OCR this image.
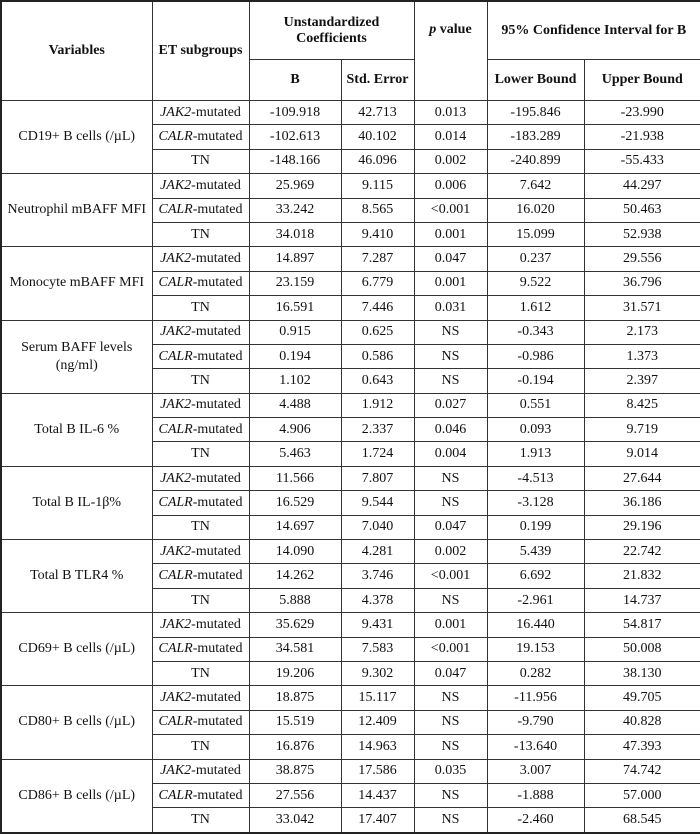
Variables	ET subgroups	Unstandardized Coefficients		p value	95% Confidence Interval for B	
		B	Std. Error		Lower Bound	Upper Bound
CD19+ B cells (/µL)	JAK2-mutated	-109.918	42.713	0.013	-195.846	-23.990
	CALR-mutated	-102.613	40.102	0.014	-183.289	-21.938
	TN	-148.166	46.096	0.002	-240.899	-55.433
Neutrophil mBAFF MFI	JAK2-mutated	25.969	9.115	0.006	7.642	44.297
	CALR-mutated	33.242	8.565	<0.001	16.020	50.463
	TN	34.018	9.410	0.001	15.099	52.938
Monocyte mBAFF MFI	JAK2-mutated	14.897	7.287	0.047	0.237	29.556
	CALR-mutated	23.159	6.779	0.001	9.522	36.796
	TN	16.591	7.446	0.031	1.612	31.571
Serum BAFF levels (ng/ml)	JAK2-mutated	0.915	0.625	NS	-0.343	2.173
	CALR-mutated	0.194	0.586	NS	-0.986	1.373
	TN	1.102	0.643	NS	-0.194	2.397
Total B IL-6 %	JAK2-mutated	4.488	1.912	0.027	0.551	8.425
	CALR-mutated	4.906	2.337	0.046	0.093	9.719
	TN	5.463	1.724	0.004	1.913	9.014
Total B IL-1β%	JAK2-mutated	11.566	7.807	NS	-4.513	27.644
	CALR-mutated	16.529	9.544	NS	-3.128	36.186
	TN	14.697	7.040	0.047	0.199	29.196
Total B TLR4 %	JAK2-mutated	14.090	4.281	0.002	5.439	22.742
	CALR-mutated	14.262	3.746	<0.001	6.692	21.832
	TN	5.888	4.378	NS	-2.961	14.737
CD69+ B cells (/µL)	JAK2-mutated	35.629	9.431	0.001	16.440	54.817
	CALR-mutated	34.581	7.583	<0.001	19.153	50.008
	TN	19.206	9.302	0.047	0.282	38.130
CD80+ B cells (/µL)	JAK2-mutated	18.875	15.117	NS	-11.956	49.705
	CALR-mutated	15.519	12.409	NS	-9.790	40.828
	TN	16.876	14.963	NS	-13.640	47.393
CD86+ B cells (/µL)	JAK2-mutated	38.875	17.586	0.035	3.007	74.742
	CALR-mutated	27.556	14.437	NS	-1.888	57.000
	TN	33.042	17.407	NS	-2.460	68.545
